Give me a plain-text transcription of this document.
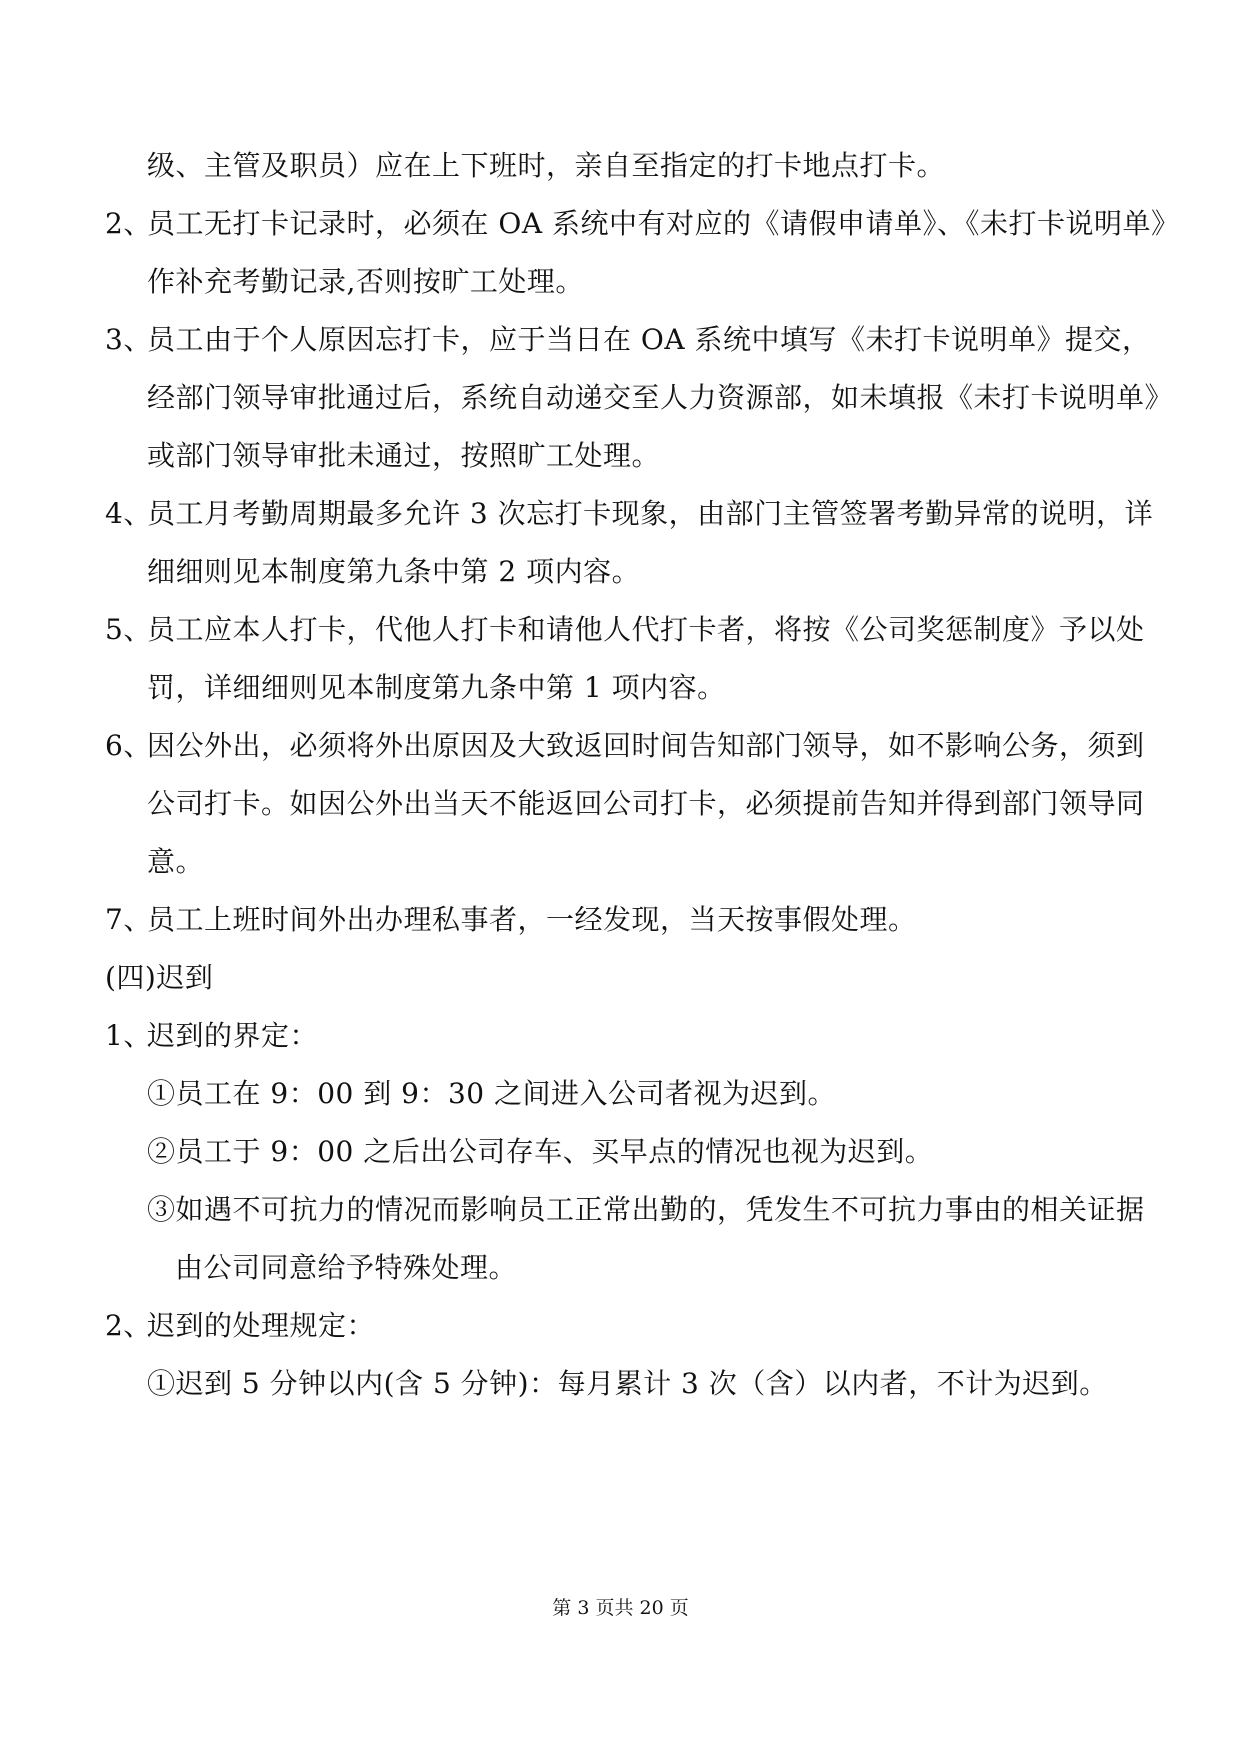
级、主管及职员）应在上下班时，亲自至指定的打卡地点打卡。
2、员工无打卡记录时，必须在 OA 系统中有对应的《请假申请单》、《未打卡说明单》
作补充考勤记录,否则按旷工处理。
3、员工由于个人原因忘打卡，应于当日在 OA 系统中填写《未打卡说明单》提交，
经部门领导审批通过后，系统自动递交至人力资源部，如未填报《未打卡说明单》
或部门领导审批未通过，按照旷工处理。
4、员工月考勤周期最多允许 3 次忘打卡现象，由部门主管签署考勤异常的说明，详
细细则见本制度第九条中第 2 项内容。
5、员工应本人打卡，代他人打卡和请他人代打卡者，将按《公司奖惩制度》予以处
罚，详细细则见本制度第九条中第 1 项内容。
6、因公外出，必须将外出原因及大致返回时间告知部门领导，如不影响公务，须到
公司打卡。如因公外出当天不能返回公司打卡，必须提前告知并得到部门领导同
意。
7、员工上班时间外出办理私事者，一经发现，当天按事假处理。
(四)迟到
1、迟到的界定：
①员工在 9：00 到 9：30 之间进入公司者视为迟到。
②员工于 9：00 之后出公司存车、买早点的情况也视为迟到。
③如遇不可抗力的情况而影响员工正常出勤的，凭发生不可抗力事由的相关证据
由公司同意给予特殊处理。
2、迟到的处理规定：
①迟到 5 分钟以内(含 5 分钟)：每月累计 3 次（含）以内者，不计为迟到。
第 3 页共 20 页
